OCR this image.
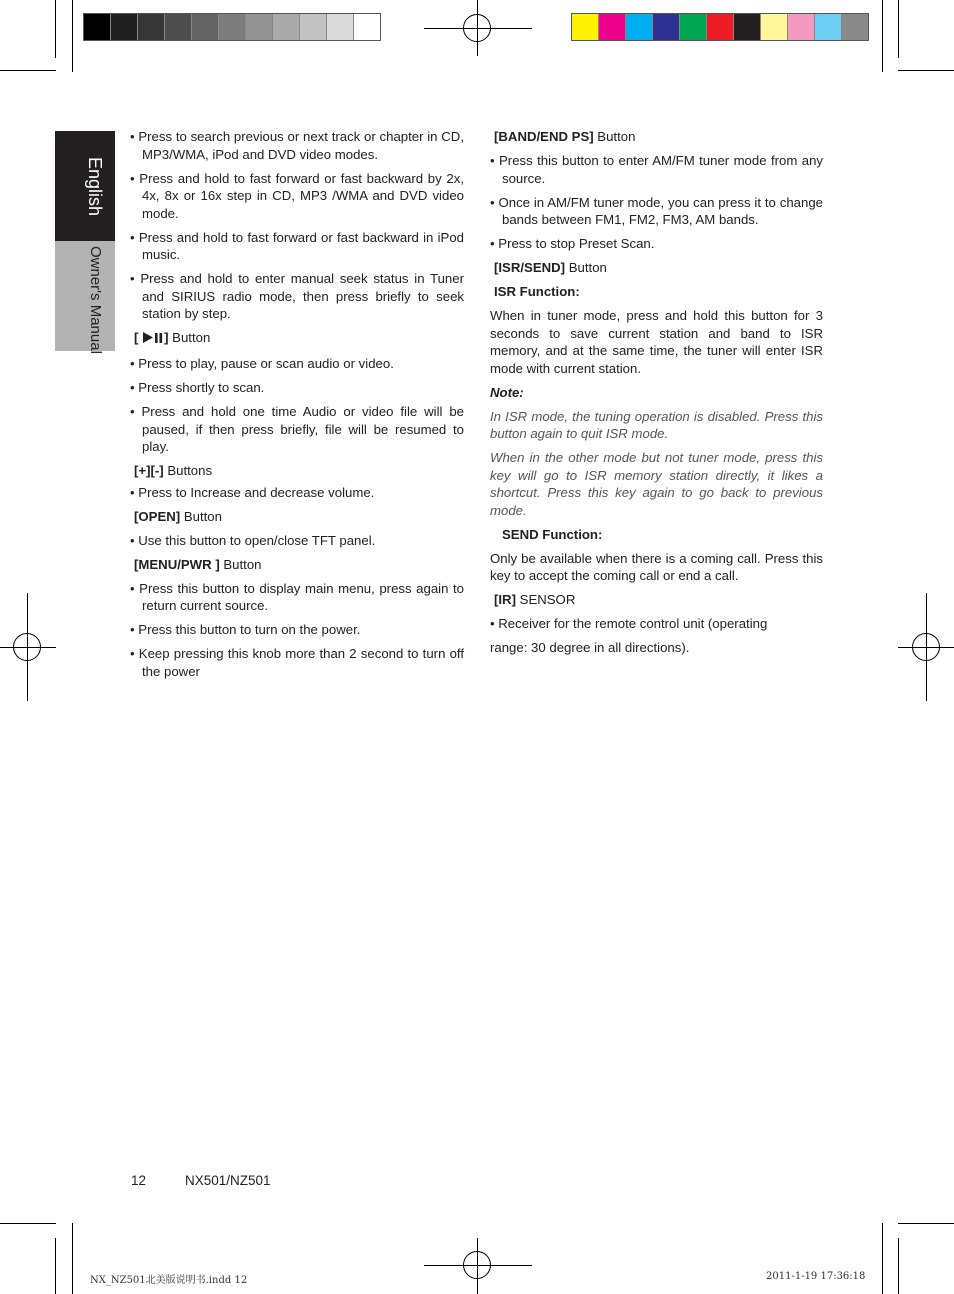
English
Owner's Manual

• Press to search previous or next track or chapter in CD, MP3/WMA, iPod and DVD video modes.

• Press and hold to fast forward or fast backward by 2x, 4x, 8x or 16x step in CD, MP3 /WMA and DVD video mode.

• Press and hold to fast forward or fast backward in iPod music.

• Press and hold to enter manual seek status in Tuner and SIRIUS radio mode, then press briefly to seek station by step.

[ ] Button

• Press to play, pause or scan audio or video.

• Press shortly to scan.

• Press and hold one time Audio or video file will be paused, if then press briefly, file will be resumed to play.

[+][-] Buttons

• Press to Increase and decrease volume.

[OPEN] Button

• Use this button to open/close TFT panel.

[MENU/PWR ] Button

• Press this button to display main menu, press again to return current source.

• Press this button to turn on the power.

• Keep pressing this knob more than 2 second to turn off the power

[BAND/END PS] Button

• Press this button to enter AM/FM tuner mode from any source.

• Once in AM/FM tuner mode, you can press it to change bands between FM1, FM2, FM3, AM bands.

• Press to stop Preset Scan.

[ISR/SEND] Button

ISR Function:

When in tuner mode, press and hold this button for 3 seconds to save current station and band to ISR memory, and at the same time, the tuner will enter ISR mode with current station.

Note:

In ISR mode, the tuning operation is disabled. Press this button again to quit ISR mode.

When in the other mode but not tuner mode, press this key will go to ISR memory station directly, it likes a shortcut. Press this key again to go back to previous mode.

SEND Function:

Only be available when there is a coming call. Press this key to accept the coming call or end a call.

[IR] SENSOR

• Receiver for the remote control unit (operating

range: 30 degree in all directions).

12	NX501/NZ501
NX_NZ501北美版说明书.indd 12	2011-1-19 17:36:18
